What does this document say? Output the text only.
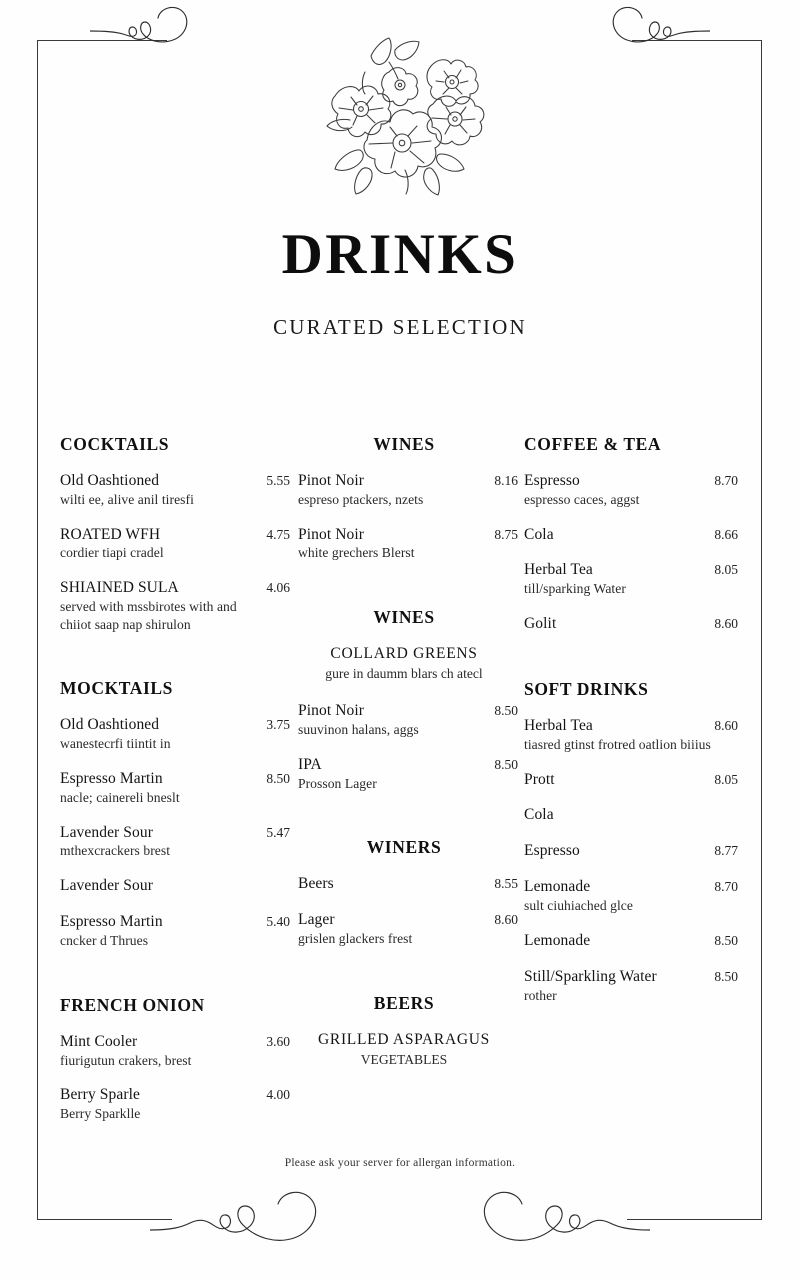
DRINKS
CURATED SELECTION
COCKTAILS
Old Oashtioned	5.55
wilti ee, alive anil tiresfi
ROATED WFH	4.75
cordier tiapi cradel
SHIAINED SULA	4.06
served with mssbirotes with and chiiot saap nap shirulon
MOCKTAILS
Old Oashtioned	3.75
wanestecrfi tiintit in
Espresso Martin	8.50
nacle; cainereli bneslt
Lavender Sour	5.47
mthexcrackers brest
Lavender Sour
Espresso Martin	5.40
cncker d Thrues
FRENCH ONION
Mint Cooler	3.60
fiurigutun crakers, brest
Berry Sparle	4.00
Berry Sparklle
WINES
Pinot Noir	8.16
espreso ptackers, nzets
Pinot Noir	8.75
white grechers Blerst
WINES
COLLARD GREENS
gure in daumm blars ch atecl
Pinot Noir	8.50
suuvinon halans, aggs
IPA	8.50
Prosson Lager
WINERS
Beers	8.55
Lager	8.60
grislen glackers frest
BEERS
GRILLED ASPARAGUS
VEGETABLES
COFFEE & TEA
Espresso	8.70
espresso caces, aggst
Cola	8.66
Herbal Tea	8.05
till/sparking Water
Golit	8.60
SOFT DRINKS
Herbal Tea	8.60
tiasred gtinst frotred oatlion biiius
Prott	8.05
Cola
Espresso	8.77
Lemonade	8.70
sult ciuhiached glce
Lemonade	8.50
Still/Sparkling Water	8.50
rother
Please ask your server for allergan information.
